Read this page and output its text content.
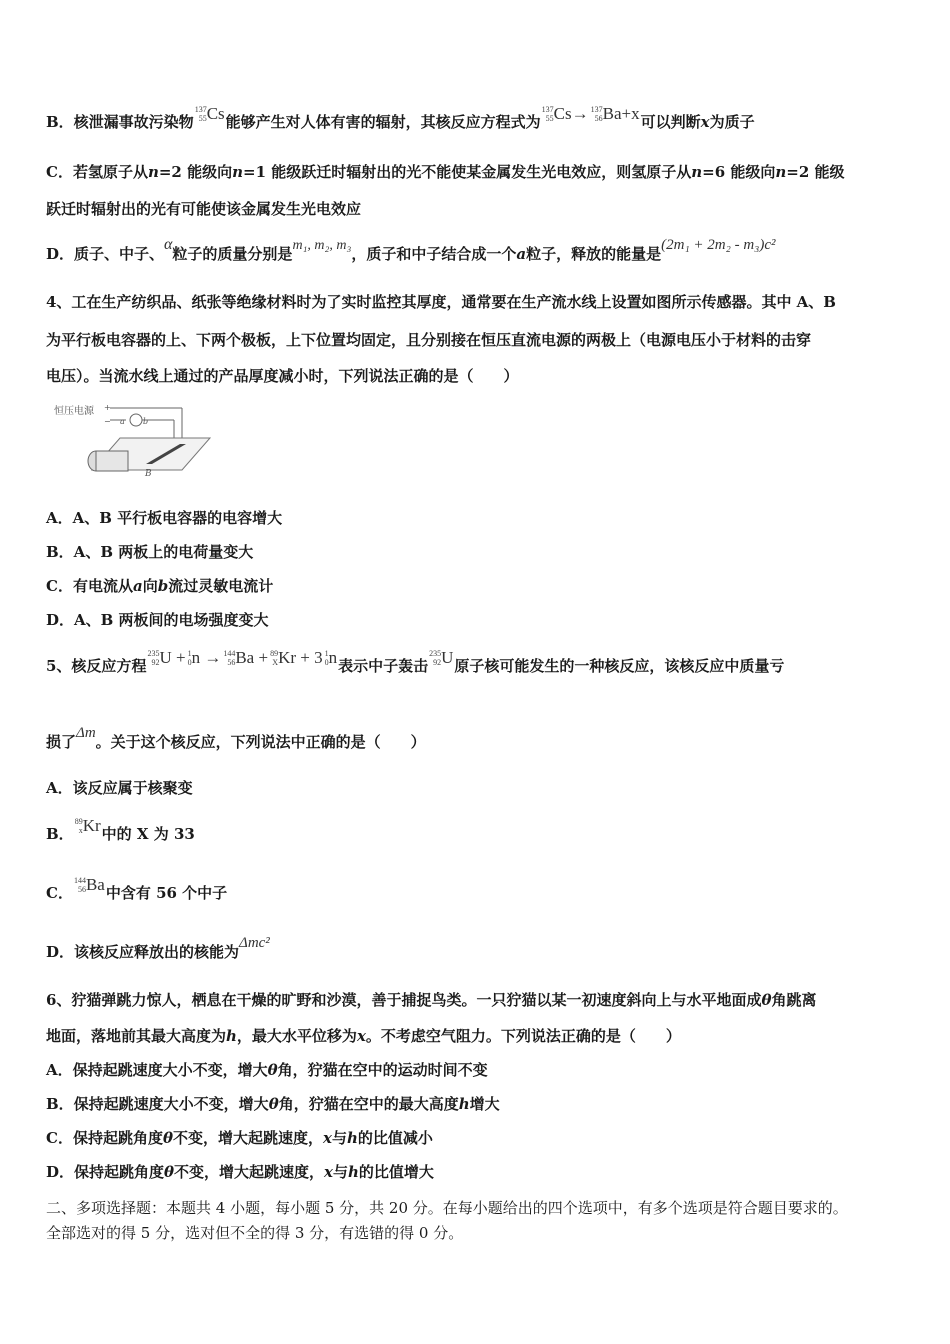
B．核泄漏事故污染物
137
55 Cs能够产生对人体有害的辐射，其核反应方程式为
137
55 Cs→ 137
56 Ba+x可以判断x为质子
C．若氢原子从n=2 能级向n=1 能级跃迁时辐射出的光不能使某金属发生光电效应，则氢原子从n=6 能级向n=2 能级
跃迁时辐射出的光有可能使该金属发生光电效应
D．质子、中子、α粒子的质量分别是m₁, m₂, m₃，质子和中子结合成一个a粒子，释放的能量是(2m₁ + 2m₂ - m₃)c²
4、工在生产纺织品、纸张等绝缘材料时为了实时监控其厚度，通常要在生产流水线上设置如图所示传感器。其中 A、B
为平行板电容器的上、下两个极板，上下位置均固定，且分别接在恒压直流电源的两极上（电源电压小于材料的击穿
电压）。当流水线上通过的产品厚度减小时，下列说法正确的是（　　）
恒压电源 +
− a b
B
A．A、B 平行板电容器的电容增大
B．A、B 两板上的电荷量变大
C．有电流从a向b流过灵敏电流计
D．A、B 两板间的电场强度变大
5、核反应方程
235
92 U + 1
0 n → 144
56 Ba + 89
X Kr + 3 1
0 n表示中子轰击
235
92 U原子核可能发生的一种核反应，该核反应中质量亏
损了Δm。关于这个核反应，下列说法中正确的是（　　）
A．该反应属于核聚变
B．
89
x Kr中的 X 为 33
C．
144
56 Ba中含有 56 个中子
D．该核反应释放出的核能为Δmc²
6、狞猫弹跳力惊人，栖息在干燥的旷野和沙漠，善于捕捉鸟类。一只狞猫以某一初速度斜向上与水平地面成θ角跳离
地面，落地前其最大高度为h，最大水平位移为x。不考虑空气阻力。下列说法正确的是（　　）
A．保持起跳速度大小不变，增大θ角，狞猫在空中的运动时间不变
B．保持起跳速度大小不变，增大θ角，狞猫在空中的最大高度h增大
C．保持起跳角度θ不变，增大起跳速度，x与h的比值减小
D．保持起跳角度θ不变，增大起跳速度，x与h的比值增大
二、多项选择题：本题共 4 小题，每小题 5 分，共 20 分。在每小题给出的四个选项中，有多个选项是符合题目要求的。
全部选对的得 5 分，选对但不全的得 3 分，有选错的得 0 分。
